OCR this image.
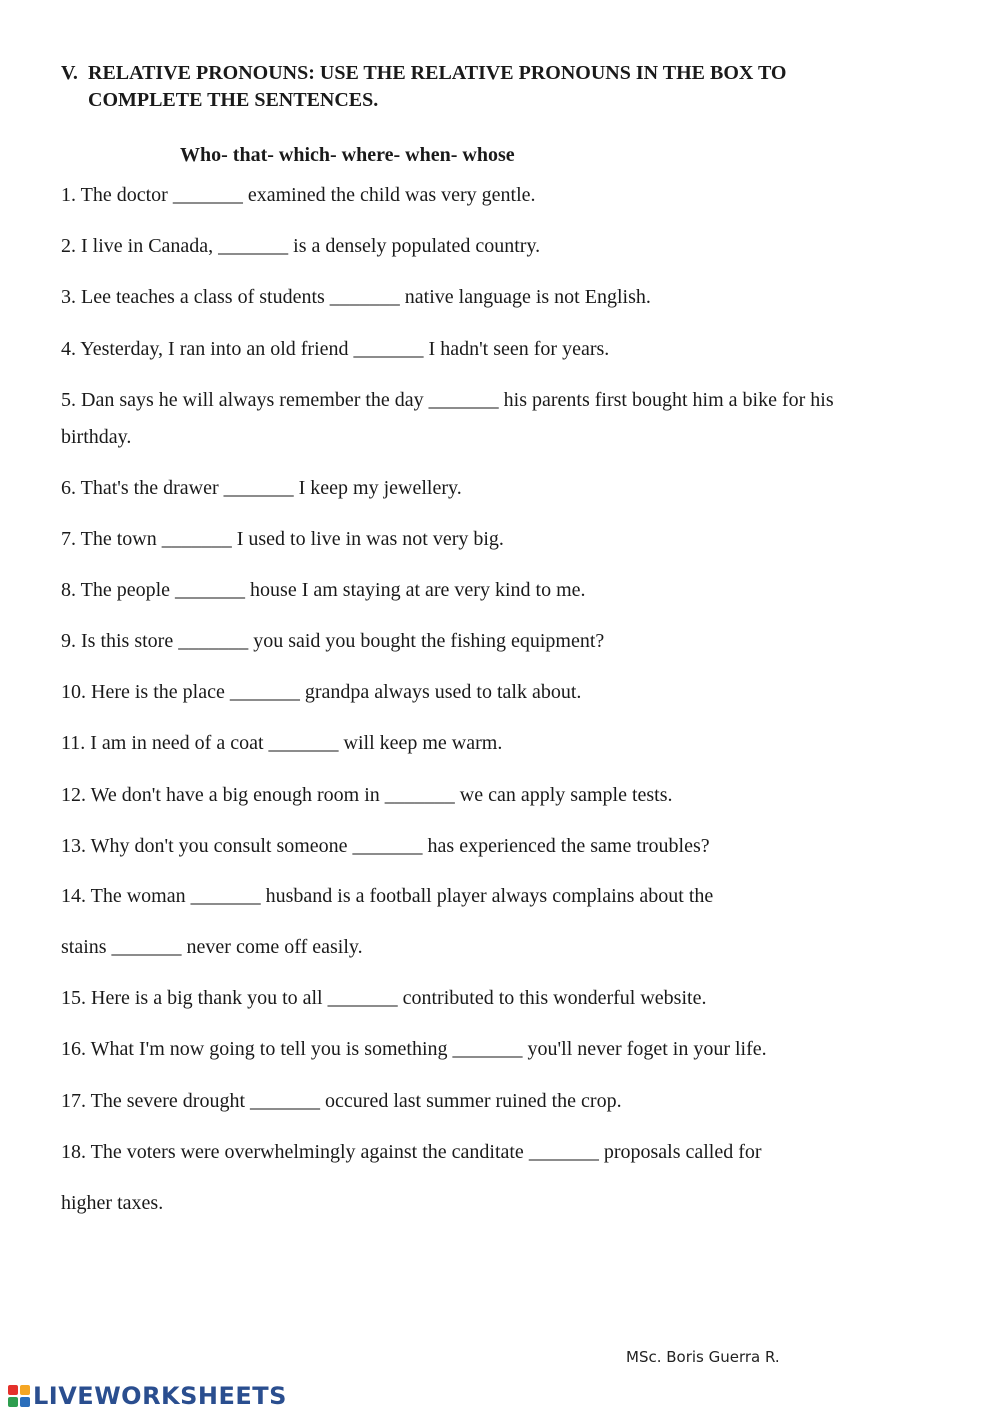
V. RELATIVE PRONOUNS: USE THE RELATIVE PRONOUNS IN THE BOX TO
COMPLETE THE SENTENCES.
Who- that- which- where- when- whose
1. The doctor _______ examined the child was very gentle.
2. I live in Canada, _______ is a densely populated country.
3. Lee teaches a class of students _______ native language is not English.
4. Yesterday, I ran into an old friend _______ I hadn't seen for years.
5. Dan says he will always remember the day _______ his parents first bought him a bike for his
birthday.
6. That's the drawer _______ I keep my jewellery.
7. The town _______ I used to live in was not very big.
8. The people _______ house I am staying at are very kind to me.
9. Is this store _______ you said you bought the fishing equipment?
10. Here is the place _______ grandpa always used to talk about.
11. I am in need of a coat _______ will keep me warm.
12. We don't have a big enough room in _______ we can apply sample tests.
13. Why don't you consult someone _______ has experienced the same troubles?
14. The woman _______ husband is a football player always complains about the
stains _______ never come off easily.
15. Here is a big thank you to all _______ contributed to this wonderful website.
16. What I'm now going to tell you is something _______ you'll never foget in your life.
17. The severe drought _______ occured last summer ruined the crop.
18. The voters were overwhelmingly against the canditate _______ proposals called for
higher taxes.
MSc. Boris Guerra R.
LIVEWORKSHEETS
